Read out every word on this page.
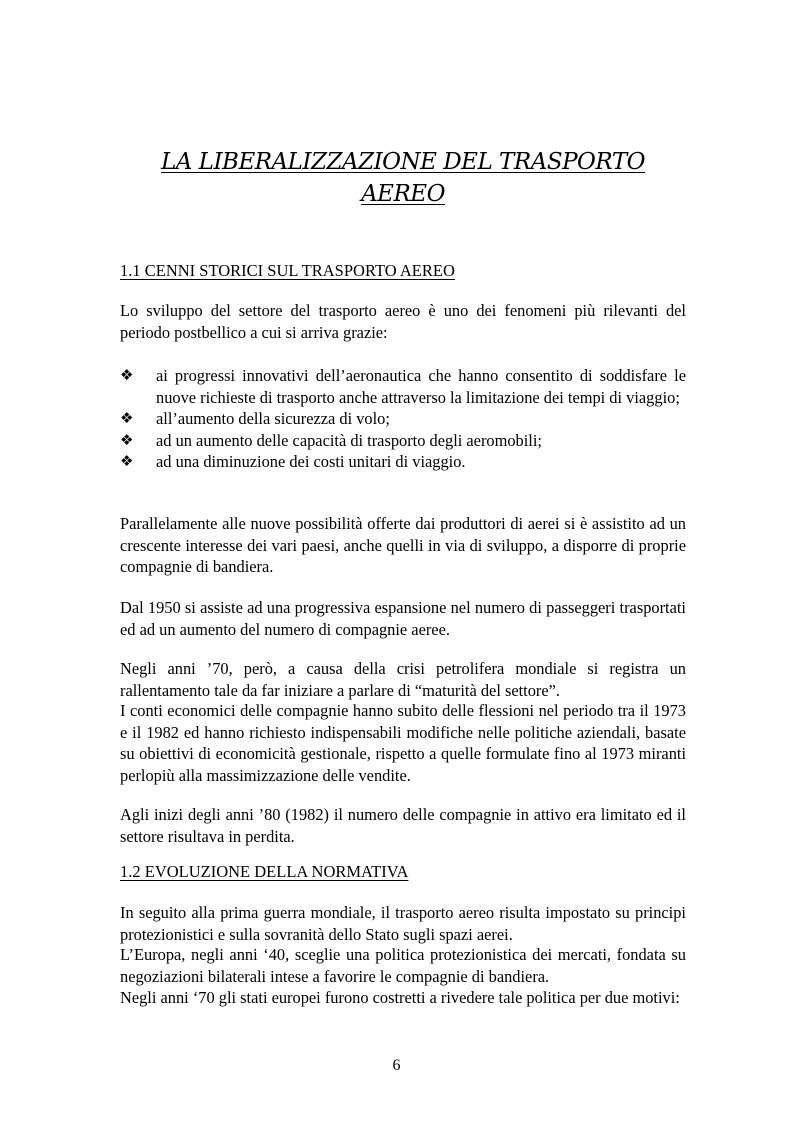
LA LIBERALIZZAZIONE DEL TRASPORTO
AEREO
1.1 CENNI STORICI SUL TRASPORTO AEREO

Lo sviluppo del settore del trasporto aereo è uno dei fenomeni più rilevanti del periodo postbellico a cui si arriva grazie:

❖ ai progressi innovativi dell’aeronautica che hanno consentito di soddisfare le nuove richieste di trasporto anche attraverso la limitazione dei tempi di viaggio;
❖ all’aumento della sicurezza di volo;
❖ ad un aumento delle capacità di trasporto degli aeromobili;
❖ ad una diminuzione dei costi unitari di viaggio.

Parallelamente alle nuove possibilità offerte dai produttori di aerei si è assistito ad un crescente interesse dei vari paesi, anche quelli in via di sviluppo, a disporre di proprie compagnie di bandiera.

Dal 1950 si assiste ad una progressiva espansione nel numero di passeggeri trasportati ed ad un aumento del numero di compagnie aeree.

Negli anni ’70, però, a causa della crisi petrolifera mondiale si registra un rallentamento tale da far iniziare a parlare di “maturità del settore”.

I conti economici delle compagnie hanno subito delle flessioni nel periodo tra il 1973 e il 1982 ed hanno richiesto indispensabili modifiche nelle politiche aziendali, basate su obiettivi di economicità gestionale, rispetto a quelle formulate fino al 1973 miranti perlopiù alla massimizzazione delle vendite.

Agli inizi degli anni ’80 (1982) il numero delle compagnie in attivo era limitato ed il settore risultava in perdita.

1.2 EVOLUZIONE DELLA NORMATIVA

In seguito alla prima guerra mondiale, il trasporto aereo risulta impostato su principi protezionistici e sulla sovranità dello Stato sugli spazi aerei.

L’Europa, negli anni ‘40, sceglie una politica protezionistica dei mercati, fondata su negoziazioni bilaterali intese a favorire le compagnie di bandiera.

Negli anni ‘70 gli stati europei furono costretti a rivedere tale politica per due motivi:

6
